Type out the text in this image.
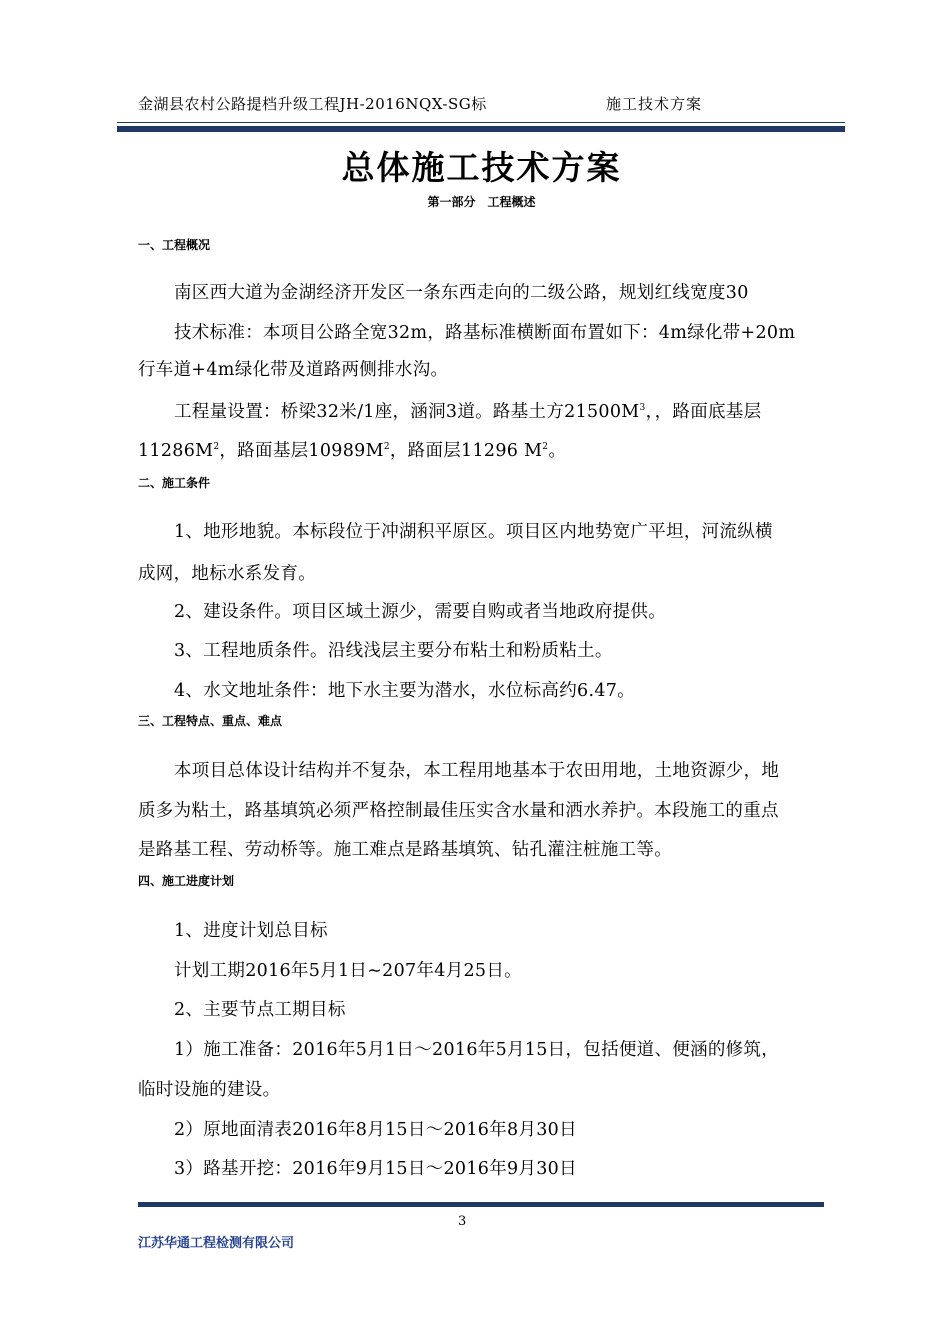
金湖县农村公路提档升级工程JH-2016NQX-SG标	施工技术方案
总体施工技术方案
第一部分　工程概述
一、工程概况
南区西大道为金湖经济开发区一条东西走向的二级公路，规划红线宽度30
技术标准：本项目公路全宽32m，路基标准横断面布置如下：4m绿化带+20m
行车道+4m绿化带及道路两侧排水沟。
工程量设置：桥梁32米/1座，涵洞3道。路基土方$21500M^3$，，路面底基层
$11286M^2$，路面基层$10989M^2$，路面层11296 $M^2$。
二、施工条件
1、地形地貌。本标段位于冲湖积平原区。项目区内地势宽广平坦，河流纵横
成网，地标水系发育。
2、建设条件。项目区域土源少，需要自购或者当地政府提供。
3、工程地质条件。沿线浅层主要分布粘土和粉质粘土。
4、水文地址条件：地下水主要为潜水，水位标高约6.47。
三、工程特点、重点、难点
本项目总体设计结构并不复杂，本工程用地基本于农田用地，土地资源少，地
质多为粘土，路基填筑必须严格控制最佳压实含水量和洒水养护。本段施工的重点
是路基工程、劳动桥等。施工难点是路基填筑、钻孔灌注桩施工等。
四、施工进度计划
1、进度计划总目标
计划工期2016年5月1日∼207年4月25日。
2、主要节点工期目标
1）施工准备：2016年5月1日～2016年5月15日，包括便道、便涵的修筑，
临时设施的建设。
2）原地面清表2016年8月15日～2016年8月30日
3）路基开挖：2016年9月15日～2016年9月30日
3
江苏华通工程检测有限公司
